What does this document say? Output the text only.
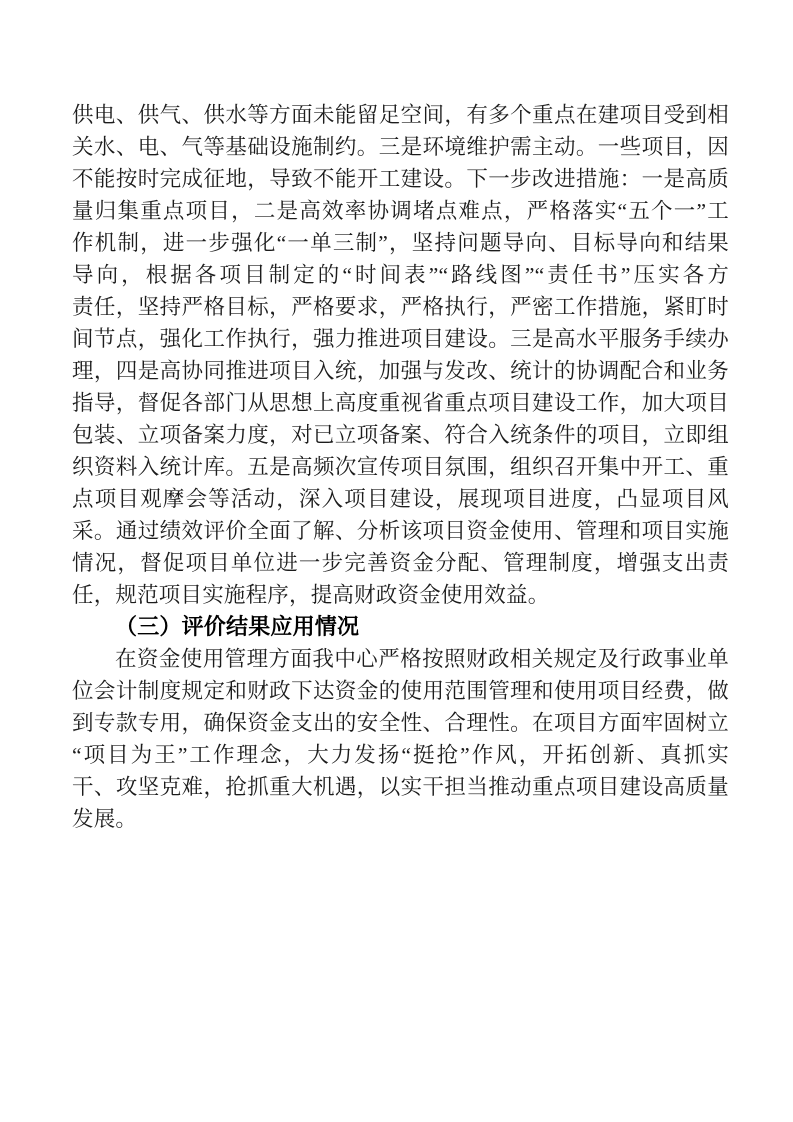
供电、供气、供水等方面未能留足空间，有多个重点在建项目受到相
关水、电、气等基础设施制约。三是环境维护需主动。一些项目，因
不能按时完成征地，导致不能开工建设。下一步改进措施：一是高质
量归集重点项目，二是高效率协调堵点难点，严格落实“五个一”工
作机制，进一步强化“一单三制”，坚持问题导向、目标导向和结果
导向，根据各项目制定的“时间表”“路线图”“责任书”压实各方
责任，坚持严格目标，严格要求，严格执行，严密工作措施，紧盯时
间节点，强化工作执行，强力推进项目建设。三是高水平服务手续办
理，四是高协同推进项目入统，加强与发改、统计的协调配合和业务
指导，督促各部门从思想上高度重视省重点项目建设工作，加大项目
包装、立项备案力度，对已立项备案、符合入统条件的项目，立即组
织资料入统计库。五是高频次宣传项目氛围，组织召开集中开工、重
点项目观摩会等活动，深入项目建设，展现项目进度，凸显项目风
采。通过绩效评价全面了解、分析该项目资金使用、管理和项目实施
情况，督促项目单位进一步完善资金分配、管理制度，增强支出责
任，规范项目实施程序，提高财政资金使用效益。
（三）评价结果应用情况
在资金使用管理方面我中心严格按照财政相关规定及行政事业单
位会计制度规定和财政下达资金的使用范围管理和使用项目经费，做
到专款专用，确保资金支出的安全性、合理性。在项目方面牢固树立
“项目为王”工作理念，大力发扬“挺抢”作风，开拓创新、真抓实
干、攻坚克难，抢抓重大机遇，以实干担当推动重点项目建设高质量
发展。
